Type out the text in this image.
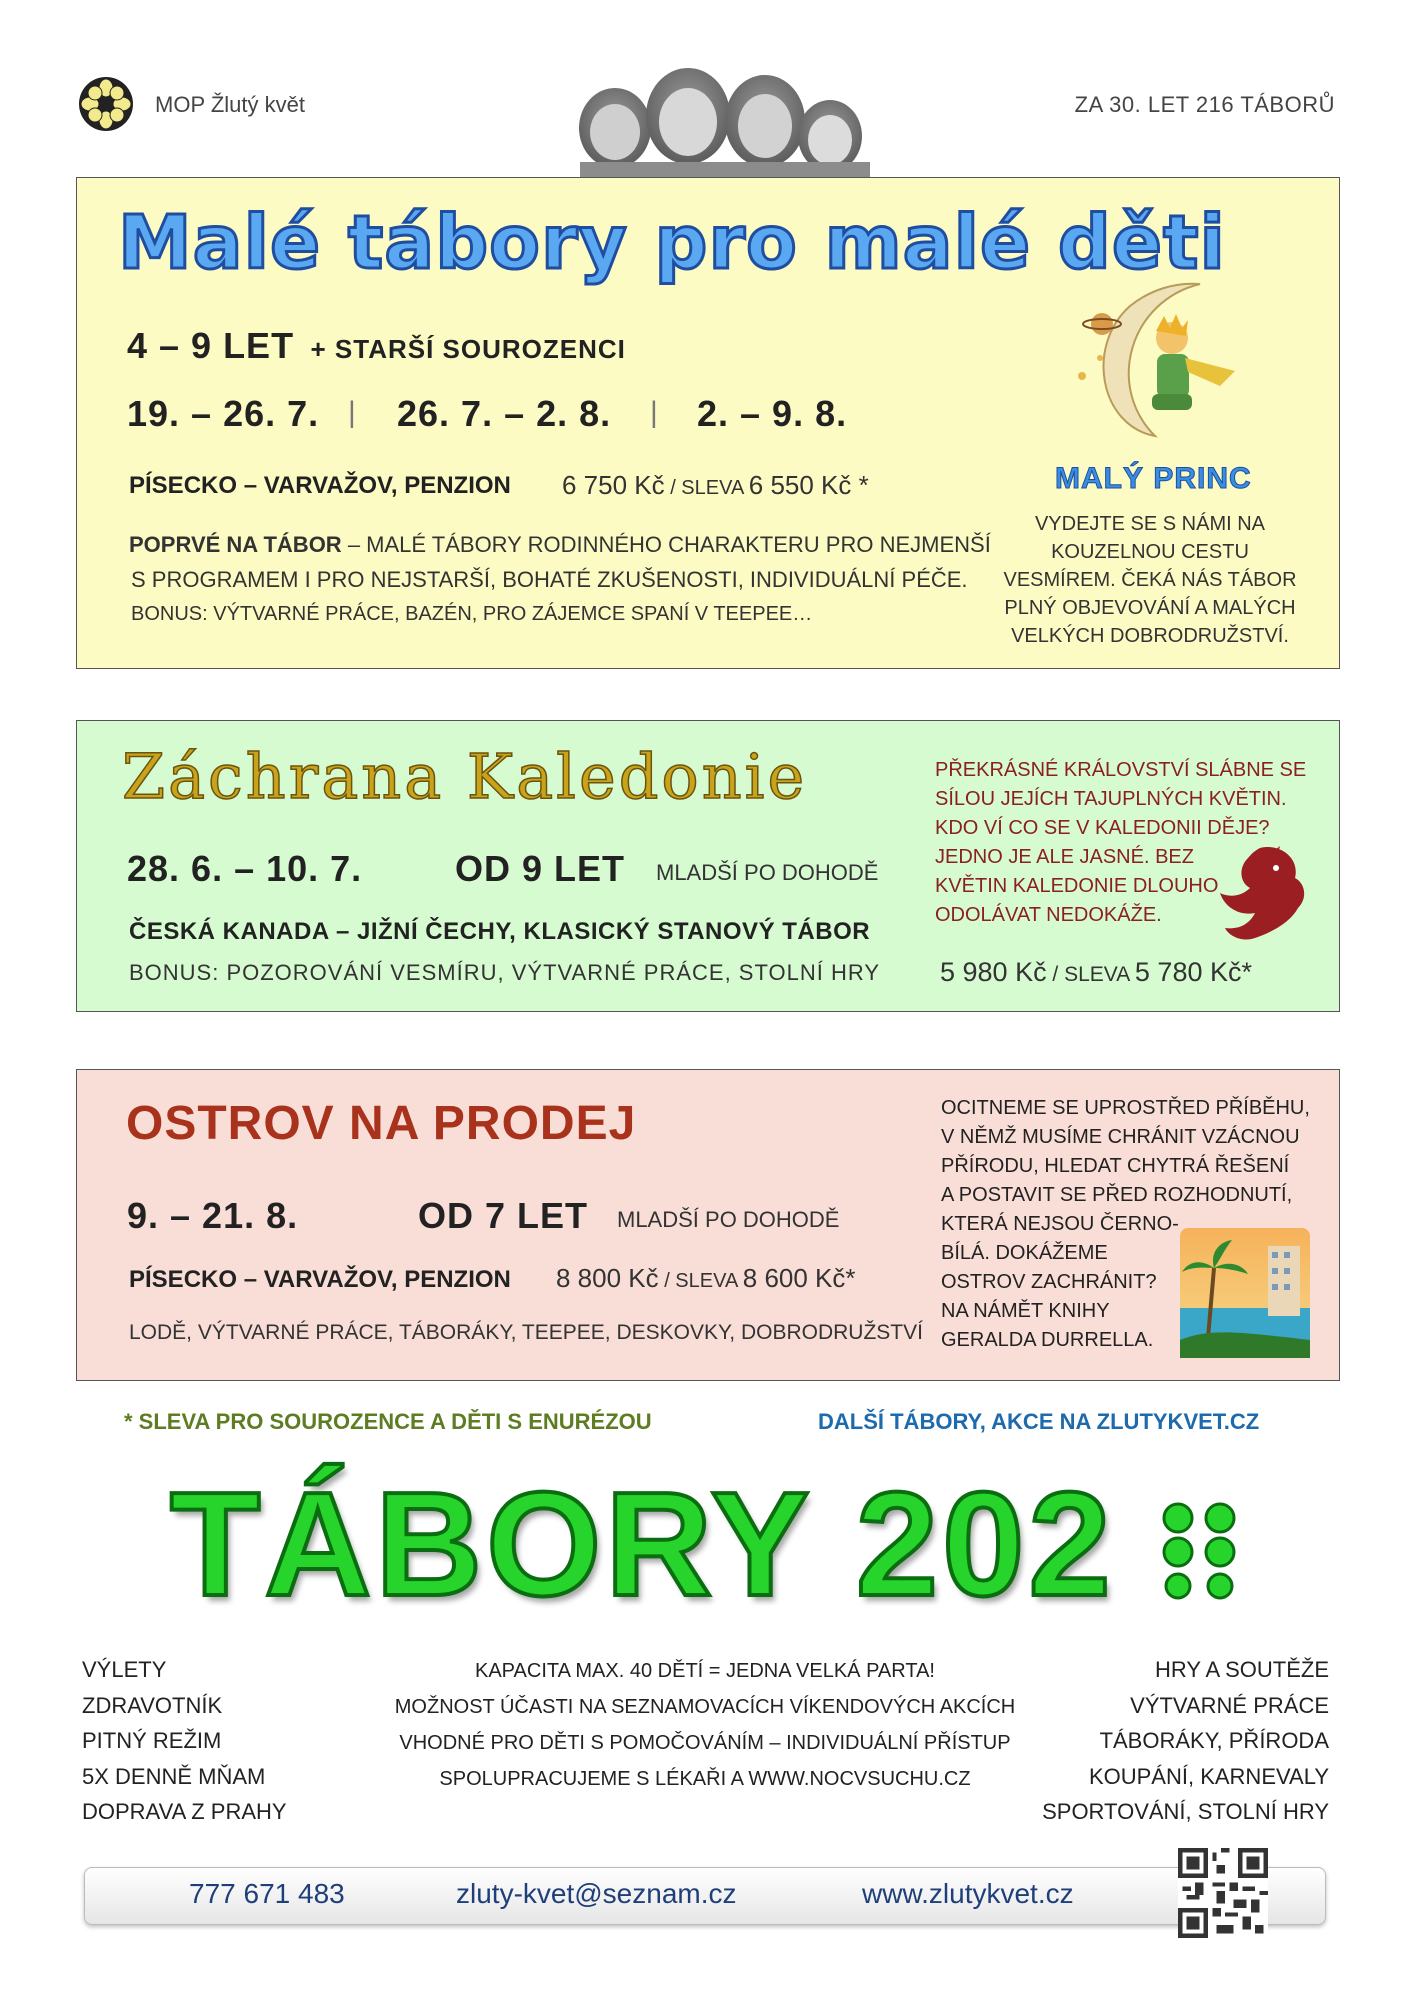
MOP Žlutý květ	ZA 30. LET 216 TÁBORŮ
Malé tábory pro malé děti
4 – 9 LET + STARŠÍ SOUROZENCI
19. – 26. 7. | 26. 7. – 2. 8. | 2. – 9. 8.
PÍSECKO – VARVAŽOV, PENZION 6 750 Kč / SLEVA 6 550 Kč *
POPRVÉ NA TÁBOR – MALÉ TÁBORY RODINNÉHO CHARAKTERU PRO NEJMENŠÍ
S PROGRAMEM I PRO NEJSTARŠÍ, BOHATÉ ZKUŠENOSTI, INDIVIDUÁLNÍ PÉČE.
BONUS: VÝTVARNÉ PRÁCE, BAZÉN, PRO ZÁJEMCE SPANÍ V TEEPEE…
MALÝ PRINC
VYDEJTE SE S NÁMI NA
KOUZELNOU CESTU
VESMÍREM. ČEKÁ NÁS TÁBOR
PLNÝ OBJEVOVÁNÍ A MALÝCH
VELKÝCH DOBRODRUŽSTVÍ.
Záchrana Kaledonie
28. 6. – 10. 7.	OD 9 LET MLADŠÍ PO DOHODĚ
ČESKÁ KANADA – JIŽNÍ ČECHY, KLASICKÝ STANOVÝ TÁBOR
BONUS: POZOROVÁNÍ VESMÍRU, VÝTVARNÉ PRÁCE, STOLNÍ HRY 5 980 Kč / SLEVA 5 780 Kč*
PŘEKRÁSNÉ KRÁLOVSTVÍ SLÁBNE SE
SÍLOU JEJÍCH TAJUPLNÝCH KVĚTIN.
KDO VÍ CO SE V KALEDONII DĚJE?
JEDNO JE ALE JASNÉ. BEZ
KVĚTIN KALEDONIE DLOUHO
ODOLÁVAT NEDOKÁŽE.
OSTROV NA PRODEJ
9. – 21. 8.	OD 7 LET MLADŠÍ PO DOHODĚ
PÍSECKO – VARVAŽOV, PENZION 8 800 Kč / SLEVA 8 600 Kč*
LODĚ, VÝTVARNÉ PRÁCE, TÁBORÁKY, TEEPEE, DESKOVKY, DOBRODRUŽSTVÍ
OCITNEME SE UPROSTŘED PŘÍBĚHU,
V NĚMŽ MUSÍME CHRÁNIT VZÁCNOU
PŘÍRODU, HLEDAT CHYTRÁ ŘEŠENÍ
A POSTAVIT SE PŘED ROZHODNUTÍ,
KTERÁ NEJSOU ČERNO-
BÍLÁ. DOKÁŽEME
OSTROV ZACHRÁNIT?
NA NÁMĚT KNIHY
GERALDA DURRELLA.
* SLEVA PRO SOUROZENCE A DĚTI S ENURÉZOU	DALŠÍ TÁBORY, AKCE NA ZLUTYKVET.CZ
TÁBORY 202
VÝLETY
ZDRAVOTNÍK
PITNÝ REŽIM
5X DENNĚ MŇAM
DOPRAVA Z PRAHY
KAPACITA MAX. 40 DĚTÍ = JEDNA VELKÁ PARTA!
MOŽNOST ÚČASTI NA SEZNAMOVACÍCH VÍKENDOVÝCH AKCÍCH
VHODNÉ PRO DĚTI S POMOČOVÁNÍM – INDIVIDUÁLNÍ PŘÍSTUP
SPOLUPRACUJEME S LÉKAŘI A WWW.NOCVSUCHU.CZ
HRY A SOUTĚŽE
VÝTVARNÉ PRÁCE
TÁBORÁKY, PŘÍRODA
KOUPÁNÍ, KARNEVALY
SPORTOVÁNÍ, STOLNÍ HRY
777 671 483	zluty-kvet@seznam.cz	www.zlutykvet.cz
